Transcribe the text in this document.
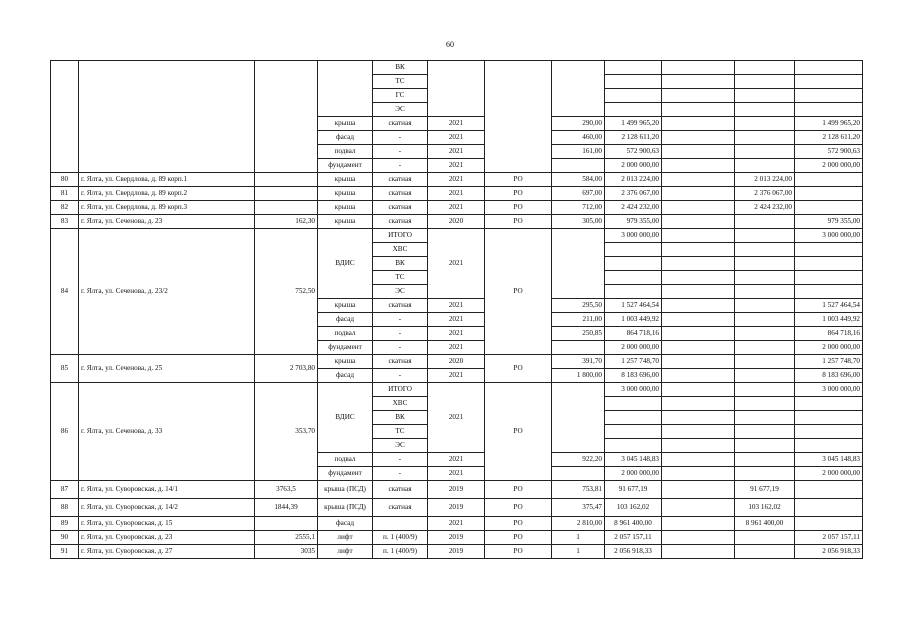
60
				ВК							
				ТС							
				ГС							
				ЭС							
			крыша	скатная	2021		290,00	1 499 965,20			1 499 965,20
			фасад	-	2021		460,00	2 128 611,20			2 128 611,20
			подвал	-	2021		161,00	572 900,63			572 900,63
			фундамент	-	2021			2 000 000,00			2 000 000,00
80	г. Ялта, ул. Свердлова, д. 89 корп.1		крыша	скатная	2021	РО	584,00	2 013 224,00		2 013 224,00	
81	г. Ялта, ул. Свердлова, д. 89 корп.2		крыша	скатная	2021	РО	697,00	2 376 067,00		2 376 067,00	
82	г. Ялта, ул. Свердлова, д. 89 корп.3		крыша	скатная	2021	РО	712,00	2 424 232,00		2 424 232,00	
83	г. Ялта, ул. Сеченова, д. 23	162,30	крыша	скатная	2020	РО	305,00	979 355,00			979 355,00
84	г. Ялта, ул. Сеченова, д. 23/2	752,50	ВДИС	ИТОГО	2021	РО		3 000 000,00			3 000 000,00
				ХВС							
				ВК							
				ТС							
				ЭС							
			крыша	скатная	2021		295,50	1 527 464,54			1 527 464,54
			фасад	-	2021		211,00	1 003 449,92			1 003 449,92
			подвал	-	2021		250,85	864 718,16			864 718,16
			фундамент	-	2021			2 000 000,00			2 000 000,00
85	г. Ялта, ул. Сеченова, д. 25	2 703,80	крыша	скатная	2020	РО	391,70	1 257 748,70			1 257 748,70
			фасад	-	2021		1 800,00	8 183 696,00			8 183 696,00
86	г. Ялта, ул. Сеченова, д. 33	353,70	ВДИС	ИТОГО	2021	РО		3 000 000,00			3 000 000,00
				ХВС							
				ВК							
				ТС							
				ЭС							
			подвал	-	2021		922,20	3 045 148,83			3 045 148,83
			фундамент	-	2021			2 000 000,00			2 000 000,00
87	г. Ялта, ул. Суворовская, д. 14/1	3763,5	крыша (ПСД)	скатная	2019	РО	753,81	91 677,19		91 677,19	
88	г. Ялта, ул. Суворовская, д. 14/2	1844,39	крыша (ПСД)	скатная	2019	РО	375,47	103 162,02		103 162,02	
89	г. Ялта, ул. Суворовская, д. 15		фасад		2021	РО	2 810,00	8 961 400,00		8 961 400,00	
90	г. Ялта, ул. Суворовская, д. 23	2555,1	лифт	п. 1 (400/9)	2019	РО	1	2 057 157,11			2 057 157,11
91	г. Ялта, ул. Суворовская, д. 27	3035	лифт	п. 1 (400/9)	2019	РО	1	2 056 918,33			2 056 918,33
